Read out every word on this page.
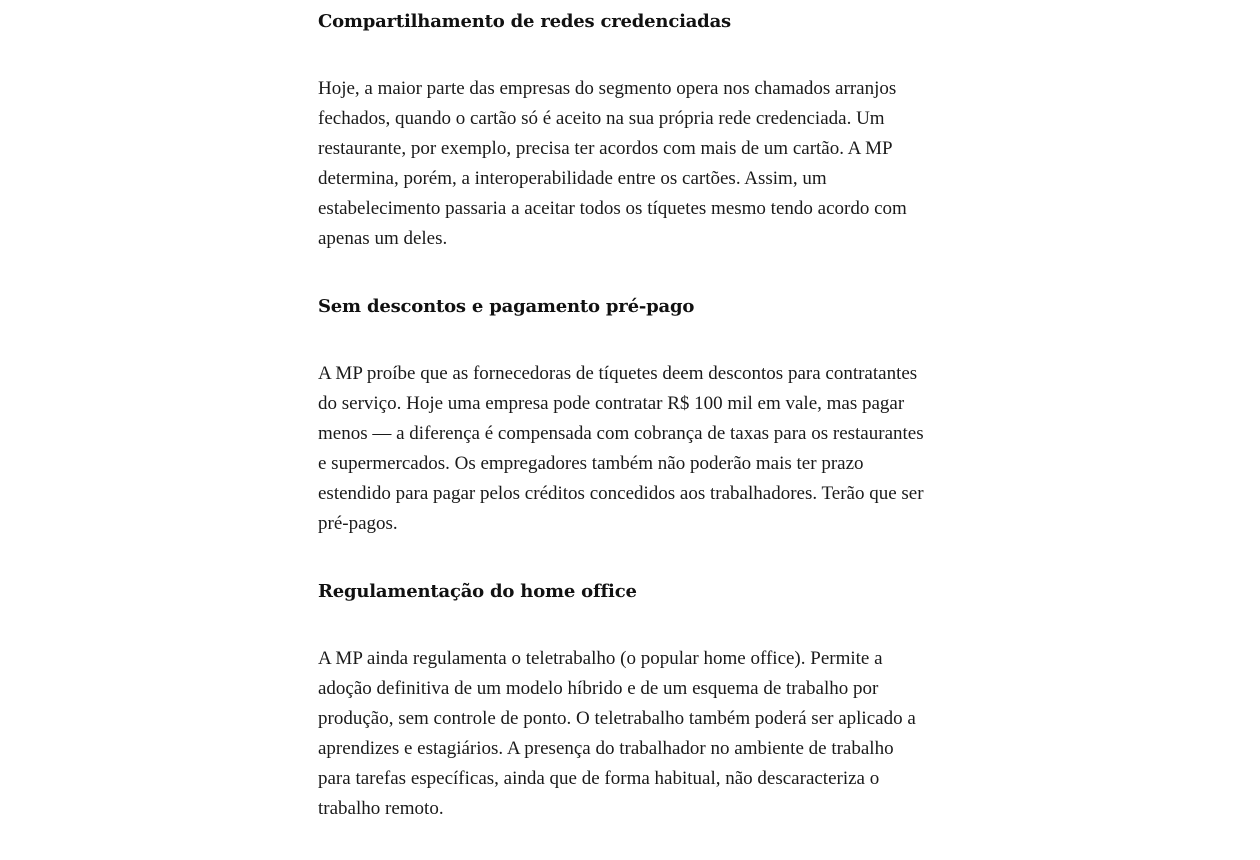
Compartilhamento de redes credenciadas

Hoje, a maior parte das empresas do segmento opera nos chamados arranjos fechados, quando o cartão só é aceito na sua própria rede credenciada. Um restaurante, por exemplo, precisa ter acordos com mais de um cartão. A MP determina, porém, a interoperabilidade entre os cartões. Assim, um estabelecimento passaria a aceitar todos os tíquetes mesmo tendo acordo com apenas um deles.

Sem descontos e pagamento pré-pago

A MP proíbe que as fornecedoras de tíquetes deem descontos para contratantes do serviço. Hoje uma empresa pode contratar R$ 100 mil em vale, mas pagar menos — a diferença é compensada com cobrança de taxas para os restaurantes e supermercados. Os empregadores também não poderão mais ter prazo estendido para pagar pelos créditos concedidos aos trabalhadores. Terão que ser pré-pagos.

Regulamentação do home office

A MP ainda regulamenta o teletrabalho (o popular home office). Permite a adoção definitiva de um modelo híbrido e de um esquema de trabalho por produção, sem controle de ponto. O teletrabalho também poderá ser aplicado a aprendizes e estagiários. A presença do trabalhador no ambiente de trabalho para tarefas específicas, ainda que de forma habitual, não descaracteriza o trabalho remoto.
